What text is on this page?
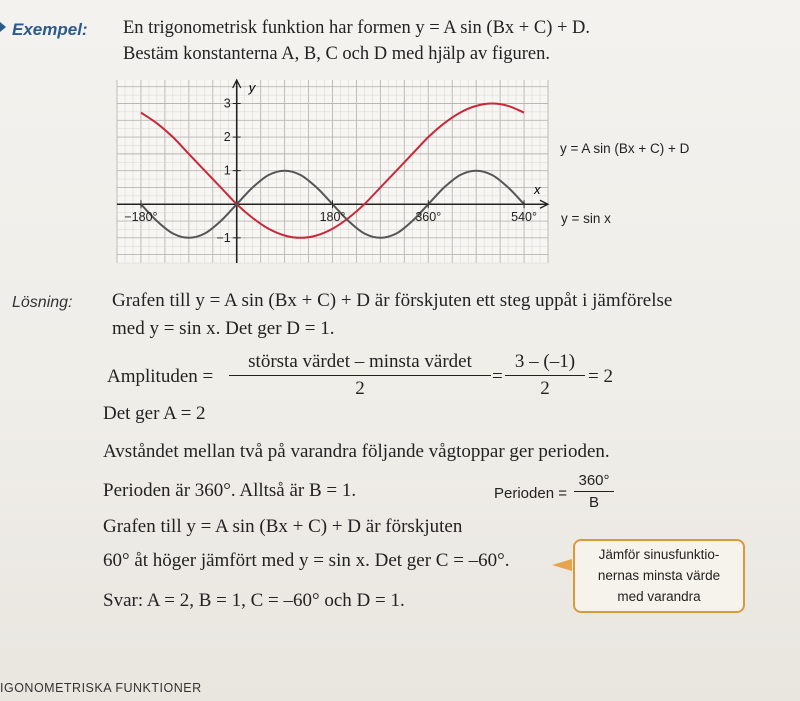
Exempel: En trigonometrisk funktion har formen y = A sin (Bx + C) + D.
Bestäm konstanterna A, B, C och D med hjälp av figuren.
x
y
−180°	180°	360°	540°
3
2
1
−1
y = A sin (Bx + C) + D
y = sin x
Lösning: Grafen till y = A sin (Bx + C) + D är förskjuten ett steg uppåt i jämförelse
med y = sin x. Det ger D = 1.
Amplituden =
största värdet – minsta värdet
2
=
3 – (–1)
2
= 2
Det ger A = 2
Avståndet mellan två på varandra följande vågtoppar ger perioden.
Perioden är 360°. Alltså är B = 1.	Perioden =
360°
B
Grafen till y = A sin (Bx + C) + D är förskjuten
60° åt höger jämfört med y = sin x. Det ger C = –60°.
Svar: A = 2, B = 1, C = –60° och D = 1.
Jämför sinusfunktio-
nernas minsta värde
med varandra
IGONOMETRISKA FUNKTIONER
